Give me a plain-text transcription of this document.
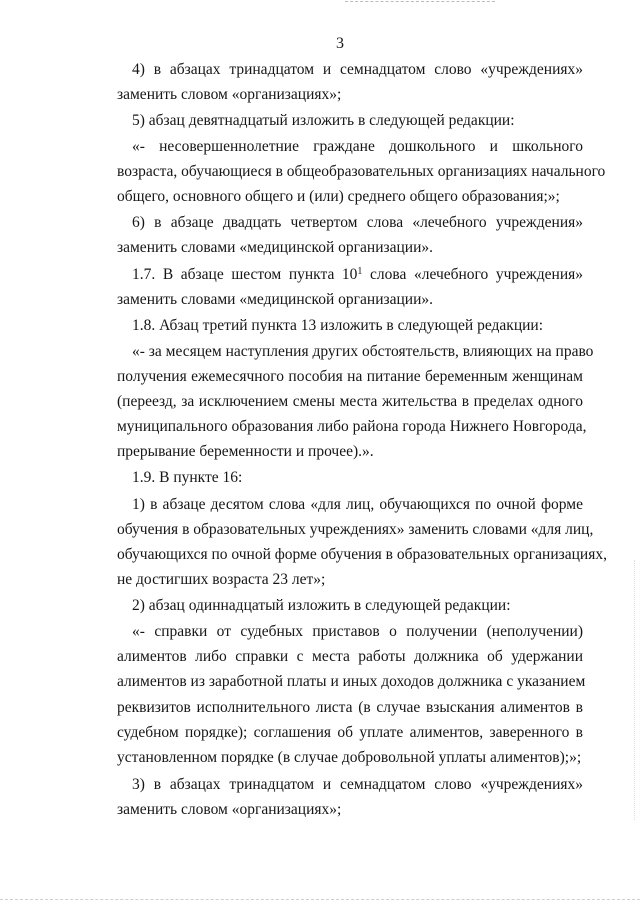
3
4) в абзацах тринадцатом и семнадцатом слово «учреждениях»
заменить словом «организациях»;
5) абзац девятнадцатый изложить в следующей редакции:
«- несовершеннолетние граждане дошкольного и школьного
возраста, обучающиеся в общеобразовательных организациях начального
общего, основного общего и (или) среднего общего образования;»;
6) в абзаце двадцать четвертом слова «лечебного учреждения»
заменить словами «медицинской организации».
1.7. В абзаце шестом пункта $10^1$ слова «лечебного учреждения»
заменить словами «медицинской организации».
1.8. Абзац третий пункта 13 изложить в следующей редакции:
«- за месяцем наступления других обстоятельств, влияющих на право
получения ежемесячного пособия на питание беременным женщинам
(переезд, за исключением смены места жительства в пределах одного
муниципального образования либо района города Нижнего Новгорода,
прерывание беременности и прочее).».
1.9. В пункте 16:
1) в абзаце десятом слова «для лиц, обучающихся по очной форме
обучения в образовательных учреждениях» заменить словами «для лиц,
обучающихся по очной форме обучения в образовательных организациях,
не достигших возраста 23 лет»;
2) абзац одиннадцатый изложить в следующей редакции:
«- справки от судебных приставов о получении (неполучении)
алиментов либо справки с места работы должника об удержании
алиментов из заработной платы и иных доходов должника с указанием
реквизитов исполнительного листа (в случае взыскания алиментов в
судебном порядке); соглашения об уплате алиментов, заверенного в
установленном порядке (в случае добровольной уплаты алиментов);»;
3) в абзацах тринадцатом и семнадцатом слово «учреждениях»
заменить словом «организациях»;
